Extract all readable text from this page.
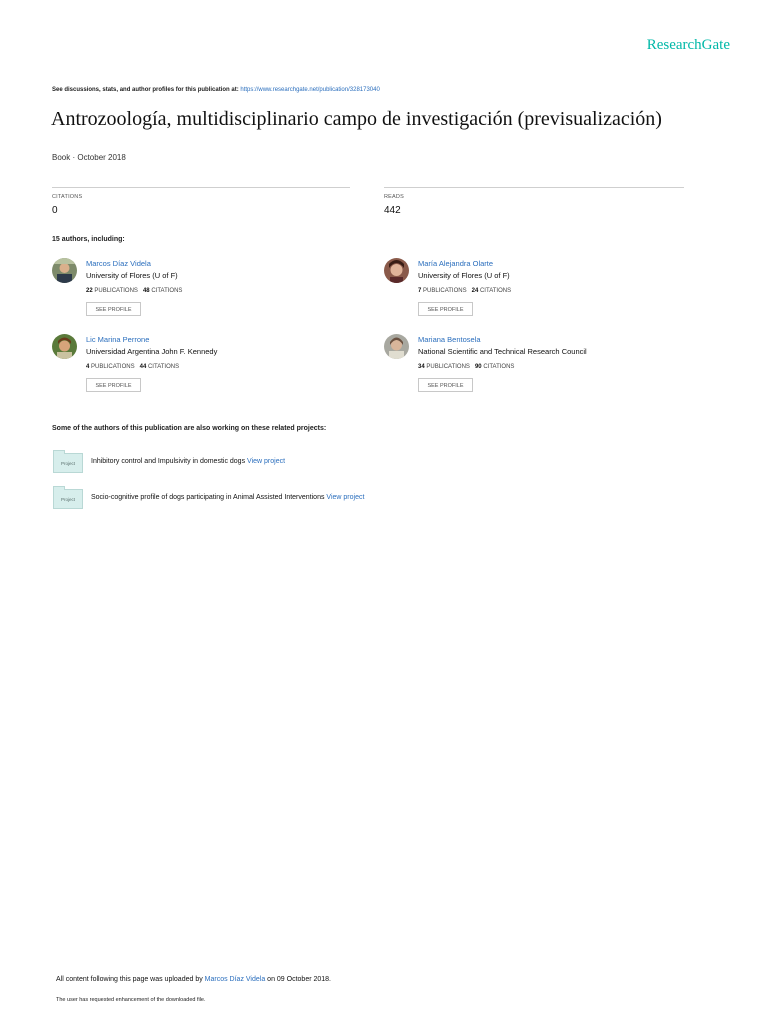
ResearchGate
See discussions, stats, and author profiles for this publication at: https://www.researchgate.net/publication/328173040
Antrozoología, multidisciplinario campo de investigación (previsualización)
Book · October 2018
CITATIONS
0
READS
442
15 authors, including:
Marcos Díaz Videla
University of Flores (U of F)
22 PUBLICATIONS 48 CITATIONS
SEE PROFILE
María Alejandra Olarte
University of Flores (U of F)
7 PUBLICATIONS 24 CITATIONS
SEE PROFILE
Lic Marina Perrone
Universidad Argentina John F. Kennedy
4 PUBLICATIONS 44 CITATIONS
SEE PROFILE
Mariana Bentosela
National Scientific and Technical Research Council
34 PUBLICATIONS 90 CITATIONS
SEE PROFILE
Some of the authors of this publication are also working on these related projects:
Project	Inhibitory control and Impulsivity in domestic dogs View project
Project	Socio-cognitive profile of dogs participating in Animal Assisted Interventions View project
All content following this page was uploaded by Marcos Díaz Videla on 09 October 2018.
The user has requested enhancement of the downloaded file.
